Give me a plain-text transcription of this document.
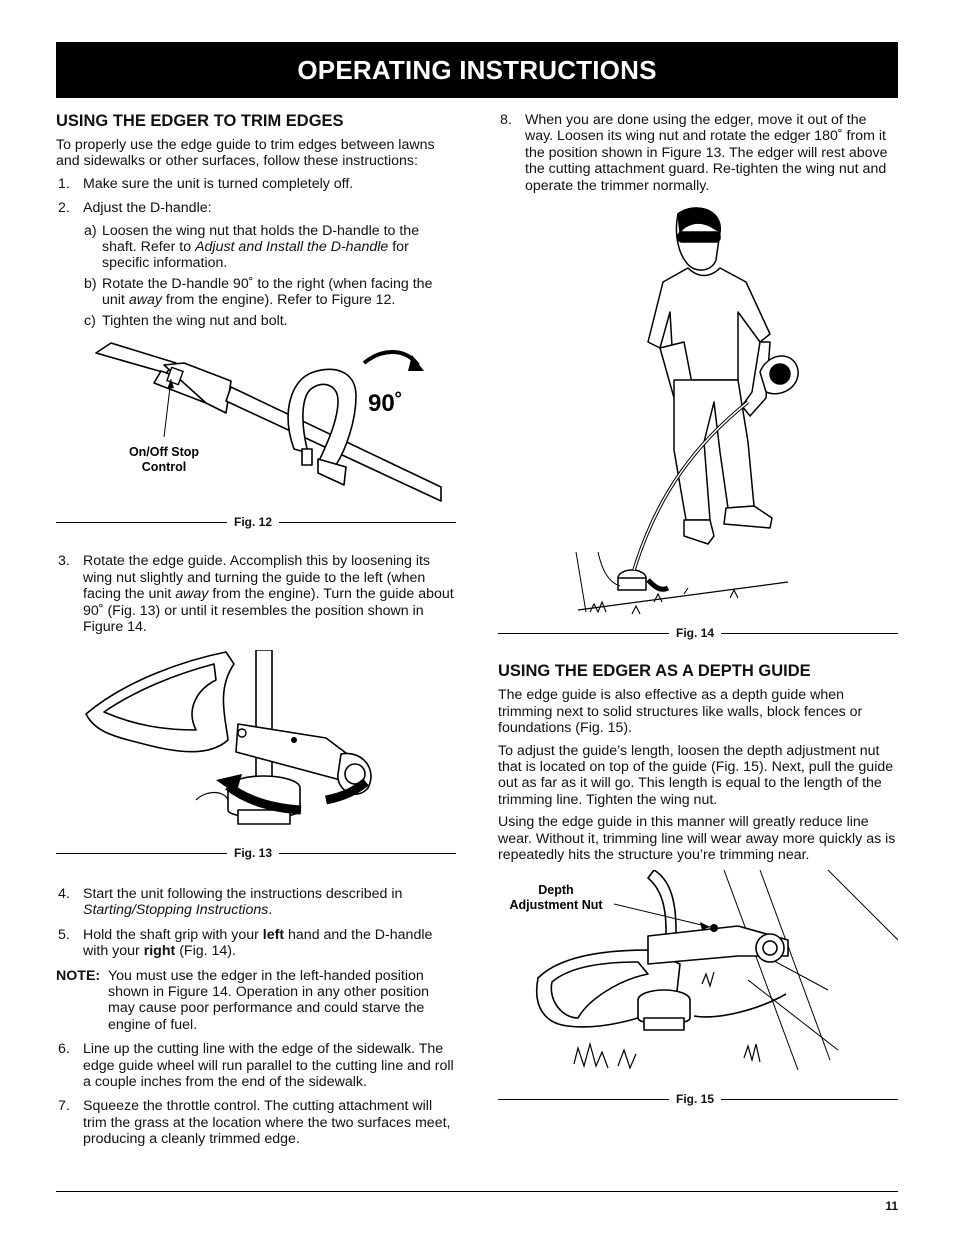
OPERATING INSTRUCTIONS
USING THE EDGER TO TRIM EDGES

To properly use the edge guide to trim edges between lawns and sidewalks or other surfaces, follow these instructions:

1. Make sure the unit is turned completely off.
2. Adjust the D-handle:
a) Loosen the wing nut that holds the D-handle to the shaft. Refer to Adjust and Install the D-handle for specific information.
b) Rotate the D-handle 90˚ to the right (when facing the unit away from the engine). Refer to Figure 12.
c) Tighten the wing nut and bolt.
90˚
On/Off Stop
Control
Fig. 12
3. Rotate the edge guide. Accomplish this by loosening its wing nut slightly and turning the guide to the left (when facing the unit away from the engine). Turn the guide about 90˚ (Fig. 13) or until it resembles the position shown in Figure 14.
Fig. 13
4. Start the unit following the instructions described in Starting/Stopping Instructions.
5. Hold the shaft grip with your left hand and the D-handle with your right (Fig. 14).
NOTE: You must use the edger in the left-handed position shown in Figure 14. Operation in any other position may cause poor performance and could starve the engine of fuel.
6. Line up the cutting line with the edge of the sidewalk. The edge guide wheel will run parallel to the cutting line and roll a couple inches from the end of the sidewalk.
7. Squeeze the throttle control. The cutting attachment will trim the grass at the location where the two surfaces meet, producing a cleanly trimmed edge.
8. When you are done using the edger, move it out of the way. Loosen its wing nut and rotate the edger 180˚ from it the position shown in Figure 13. The edger will rest above the cutting attachment guard. Re-tighten the wing nut and operate the trimmer normally.
Fig. 14
USING THE EDGER AS A DEPTH GUIDE

The edge guide is also effective as a depth guide when trimming next to solid structures like walls, block fences or foundations (Fig. 15).

To adjust the guide’s length, loosen the depth adjustment nut that is located on top of the guide (Fig. 15). Next, pull the guide out as far as it will go. This length is equal to the length of the trimming line. Tighten the wing nut.

Using the edge guide in this manner will greatly reduce line wear. Without it, trimming line will wear away more quickly as is repeatedly hits the structure you’re trimming near.

Depth
Adjustment Nut
Fig. 15
11
